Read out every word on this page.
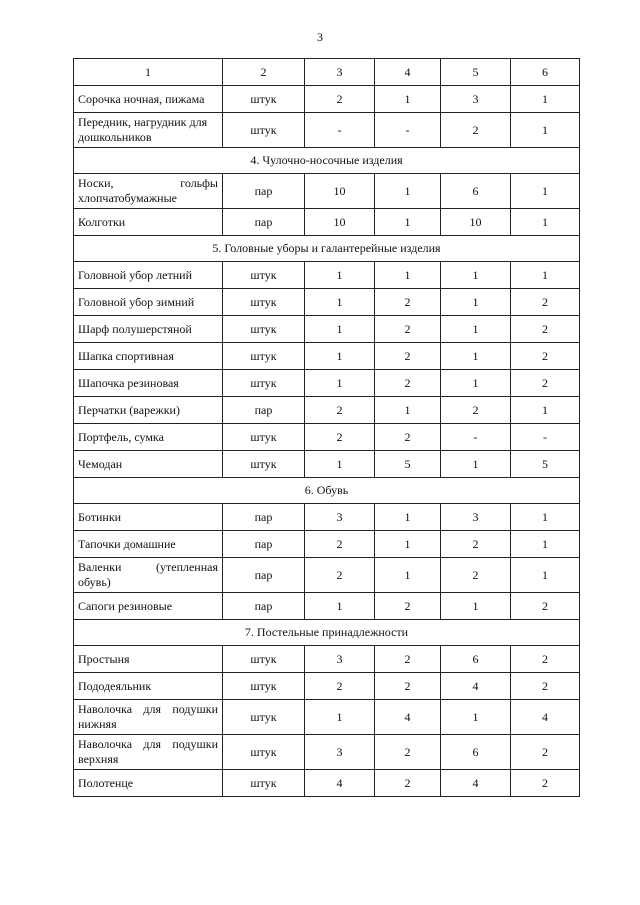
3
1	2	3	4	5	6
Сорочка ночная, пижама	штук	2	1	3	1
Передник, нагрудник для дошкольников	штук	-	-	2	1
4. Чулочно-носочные изделия					
Носки, гольфы хлопчатобумажные	пар	10	1	6	1
Колготки	пар	10	1	10	1
5. Головные уборы и галантерейные изделия					
Головной убор летний	штук	1	1	1	1
Головной убор зимний	штук	1	2	1	2
Шарф полушерстяной	штук	1	2	1	2
Шапка спортивная	штук	1	2	1	2
Шапочка резиновая	штук	1	2	1	2
Перчатки (варежки)	пар	2	1	2	1
Портфель, сумка	штук	2	2	-	-
Чемодан	штук	1	5	1	5
6. Обувь					
Ботинки	пар	3	1	3	1
Тапочки домашние	пар	2	1	2	1
Валенки (утепленная обувь)	пар	2	1	2	1
Сапоги резиновые	пар	1	2	1	2
7. Постельные принадлежности					
Простыня	штук	3	2	6	2
Пододеяльник	штук	2	2	4	2
Наволочка для подушки нижняя	штук	1	4	1	4
Наволочка для подушки верхняя	штук	3	2	6	2
Полотенце	штук	4	2	4	2
